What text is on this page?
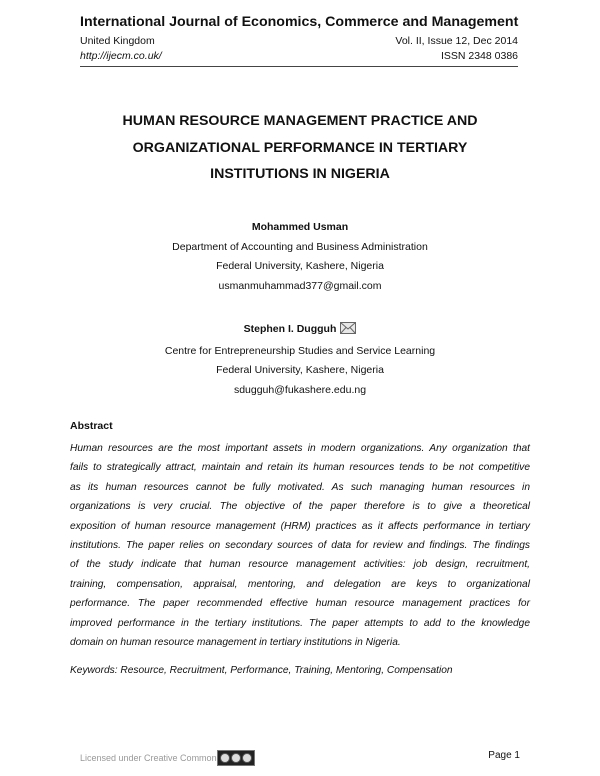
International Journal of Economics, Commerce and Management
United Kingdom	Vol. II, Issue 12, Dec 2014
http://ijecm.co.uk/	ISSN 2348 0386
HUMAN RESOURCE MANAGEMENT PRACTICE AND
ORGANIZATIONAL PERFORMANCE IN TERTIARY
INSTITUTIONS IN NIGERIA
Mohammed Usman
Department of Accounting and Business Administration
Federal University, Kashere, Nigeria
usmanmuhammad377@gmail.com
Stephen I. Dugguh
Centre for Entrepreneurship Studies and Service Learning
Federal University, Kashere, Nigeria
sdugguh@fukashere.edu.ng
Abstract
Human resources are the most important assets in modern organizations. Any organization that
fails to strategically attract, maintain and retain its human resources tends to be not competitive
as its human resources cannot be fully motivated. As such managing human resources in
organizations is very crucial. The objective of the paper therefore is to give a theoretical
exposition of human resource management (HRM) practices as it affects performance in tertiary
institutions. The paper relies on secondary sources of data for review and findings. The findings
of the study indicate that human resource management activities: job design, recruitment,
training, compensation, appraisal, mentoring, and delegation are keys to organizational
performance. The paper recommended effective human resource management practices for
improved performance in the tertiary institutions. The paper attempts to add to the knowledge
domain on human resource management in tertiary institutions in Nigeria.
Keywords: Resource, Recruitment, Performance, Training, Mentoring, Compensation
Licensed under Creative Common	Page 1
